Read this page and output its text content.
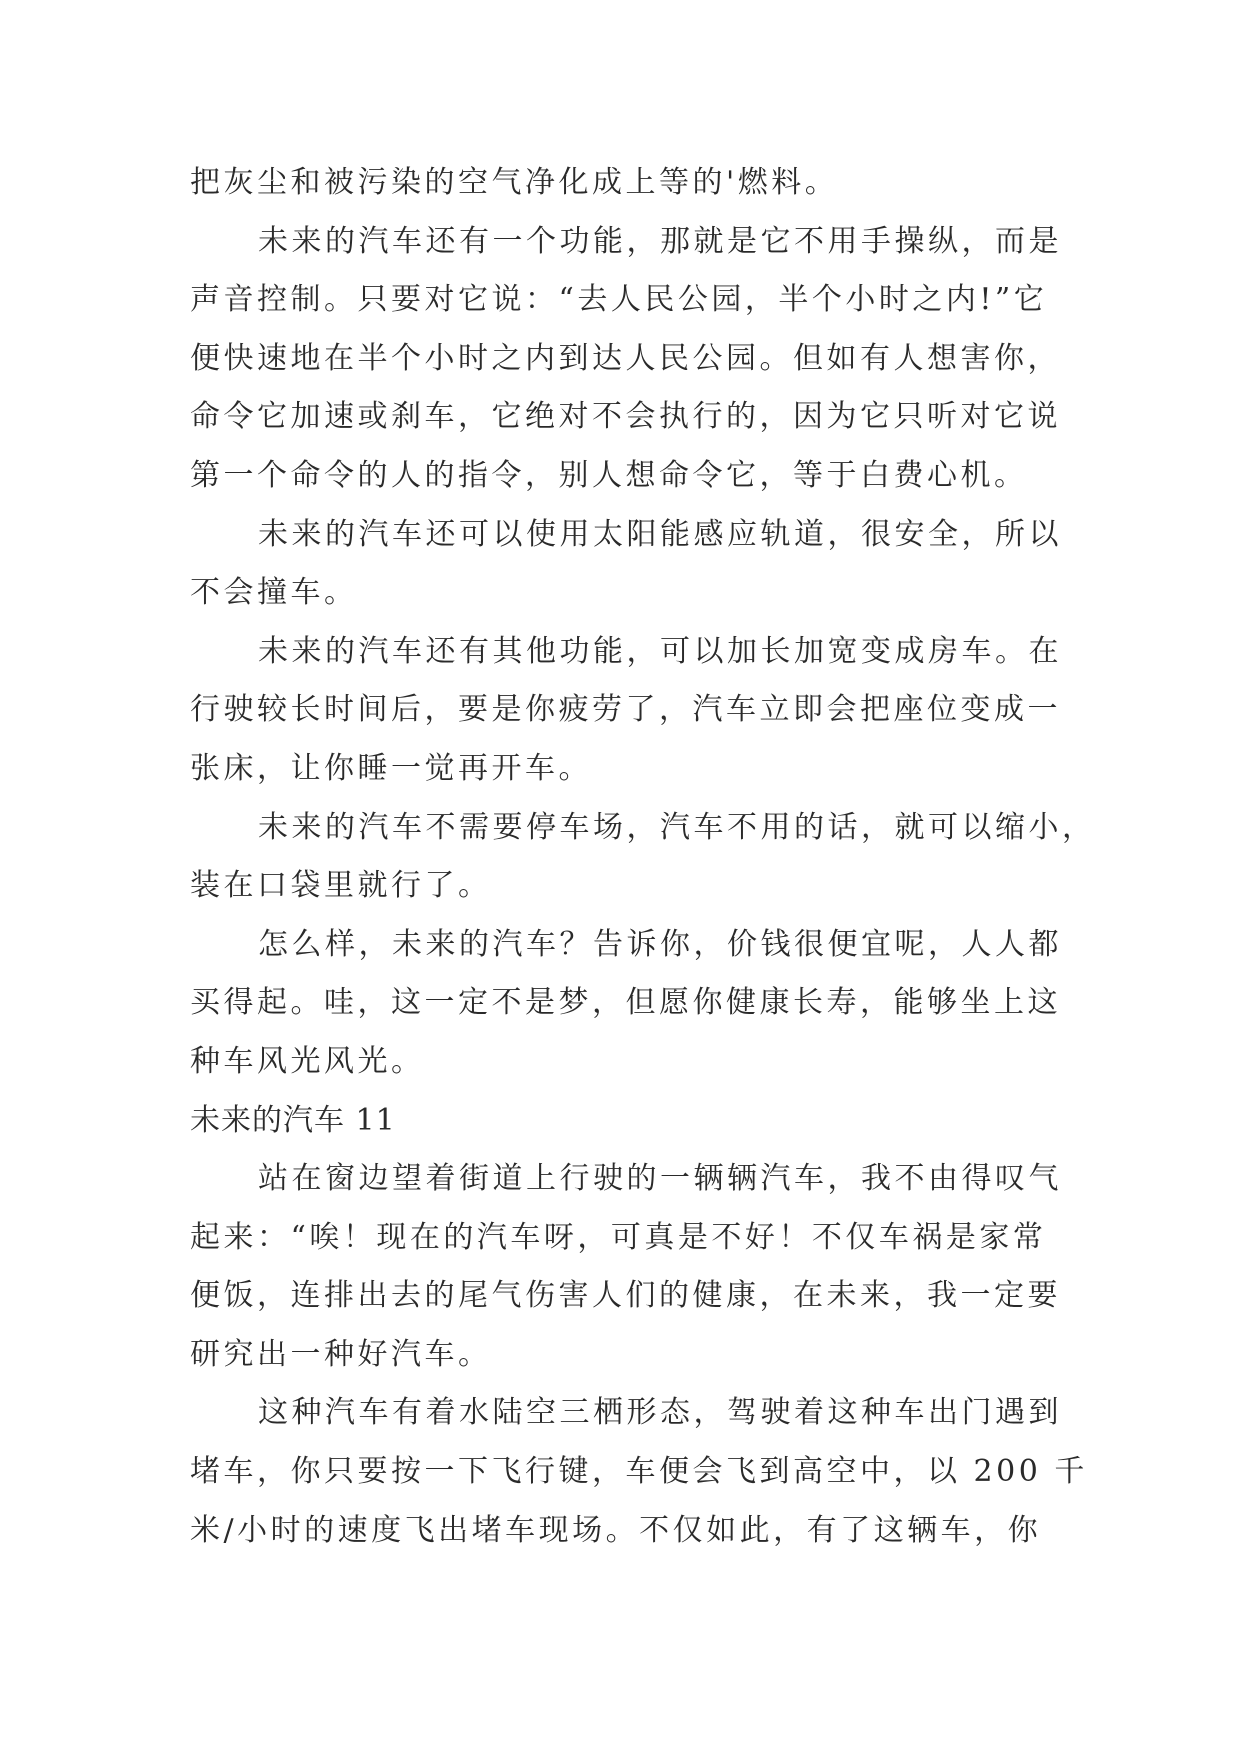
把灰尘和被污染的空气净化成上等的'燃料。
未来的汽车还有一个功能，那就是它不用手操纵，而是
声音控制。只要对它说：“去人民公园，半个小时之内!”它
便快速地在半个小时之内到达人民公园。但如有人想害你，
命令它加速或刹车，它绝对不会执行的，因为它只听对它说
第一个命令的人的指令，别人想命令它，等于白费心机。
未来的汽车还可以使用太阳能感应轨道，很安全，所以
不会撞车。
未来的汽车还有其他功能，可以加长加宽变成房车。在
行驶较长时间后，要是你疲劳了，汽车立即会把座位变成一
张床，让你睡一觉再开车。
未来的汽车不需要停车场，汽车不用的话，就可以缩小，
装在口袋里就行了。
怎么样，未来的汽车？告诉你，价钱很便宜呢，人人都
买得起。哇，这一定不是梦，但愿你健康长寿，能够坐上这
种车风光风光。
未来的汽车 11
站在窗边望着街道上行驶的一辆辆汽车，我不由得叹气
起来：“唉！现在的汽车呀，可真是不好！不仅车祸是家常
便饭，连排出去的尾气伤害人们的健康，在未来，我一定要
研究出一种好汽车。
这种汽车有着水陆空三栖形态，驾驶着这种车出门遇到
堵车，你只要按一下飞行键，车便会飞到高空中，以 200 千
米/小时的速度飞出堵车现场。不仅如此，有了这辆车，你
